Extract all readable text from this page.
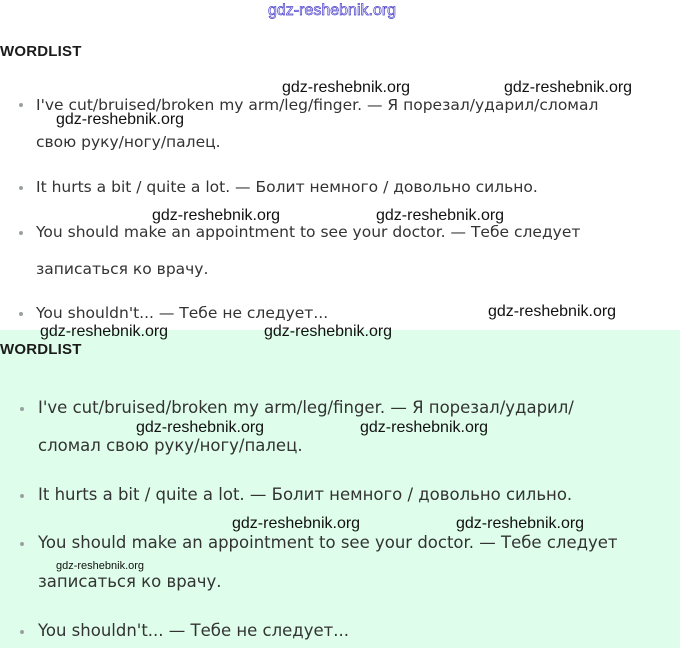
WORDLIST
I've cut/bruised/broken my arm/leg/finger. — Я порезал/ударил/сломал
свою руку/ногу/палец.
It hurts a bit / quite a lot. — Болит немного / довольно сильно.
You should make an appointment to see your doctor. — Тебе следует
записаться ко врачу.
You shouldn't... — Тебе не следует...
WORDLIST
I've cut/bruised/broken my arm/leg/finger. — Я порезал/ударил/
сломал свою руку/ногу/палец.
It hurts a bit / quite a lot. — Болит немного / довольно сильно.
You should make an appointment to see your doctor. — Тебе следует
записаться ко врачу.
You shouldn't... — Тебе не следует...
gdz-reshebnik.org
gdz-reshebnik.org	gdz-reshebnik.org
gdz-reshebnik.org
gdz-reshebnik.org	gdz-reshebnik.org
gdz-reshebnik.org
gdz-reshebnik.org	gdz-reshebnik.org
gdz-reshebnik.org	gdz-reshebnik.org
gdz-reshebnik.org	gdz-reshebnik.org
gdz-reshebnik.org
